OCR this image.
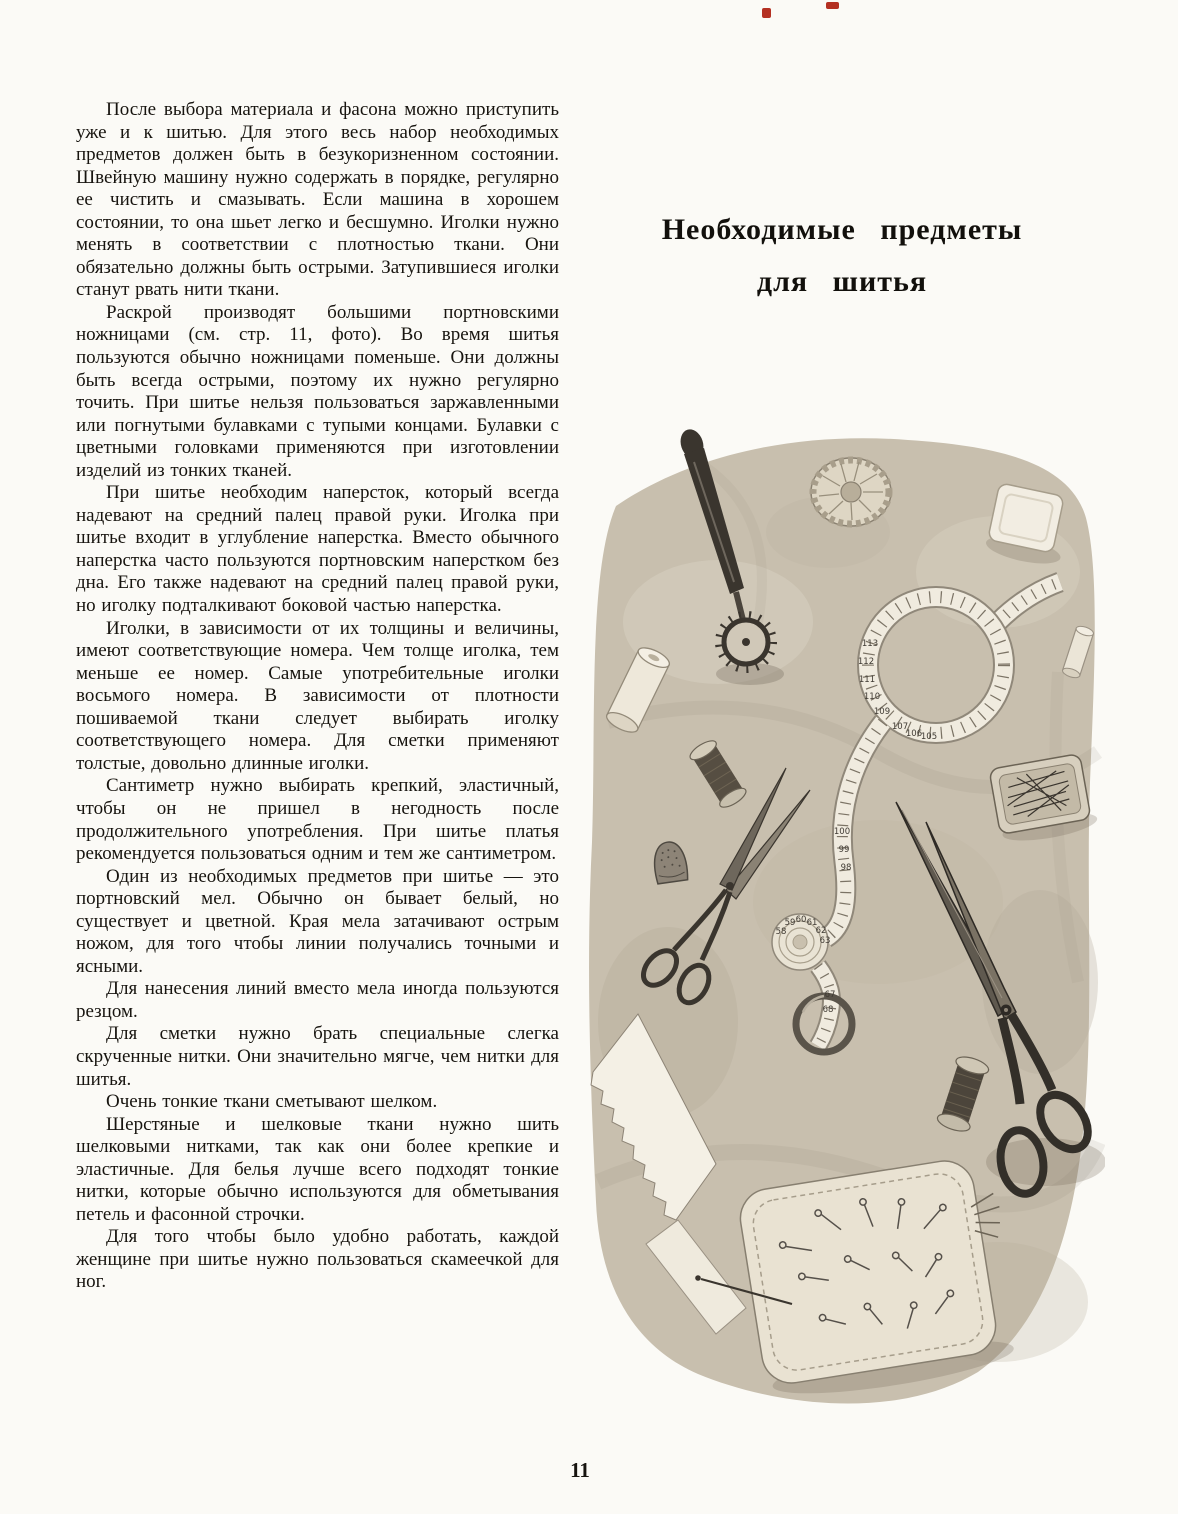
После выбора материала и фасона можно приступить уже и к шитью. Для этого весь набор необходимых предметов должен быть в безукоризненном состоянии. Швейную машину нужно содержать в порядке, регулярно ее чистить и смазывать. Если машина в хорошем состоянии, то она шьет легко и бесшумно. Иголки нужно менять в соответствии с плотностью ткани. Они обязательно должны быть острыми. Затупившиеся иголки станут рвать нити ткани.

Раскрой производят большими портновскими ножницами (см. стр. 11, фото). Во время шитья пользуются обычно ножницами поменьше. Они должны быть всегда острыми, поэтому их нужно регулярно точить. При шитье нельзя пользоваться заржавленными или погнутыми булавками с тупыми концами. Булавки с цветными головками применяются при изготовлении изделий из тонких тканей.

При шитье необходим наперсток, который всегда надевают на средний палец правой руки. Иголка при шитье входит в углубление наперстка. Вместо обычного наперстка часто пользуются портновским наперстком без дна. Его также надевают на средний палец правой руки, но иголку подталкивают боковой частью наперстка.

Иголки, в зависимости от их толщины и величины, имеют соответствующие номера. Чем толще иголка, тем меньше ее номер. Самые употребительные иголки восьмого номера. В зависимости от плотности пошиваемой ткани следует выбирать иголку соответствующего номера. Для сметки применяют толстые, довольно длинные иголки.

Сантиметр нужно выбирать крепкий, эластичный, чтобы он не пришел в негодность после продолжительного употребления. При шитье платья рекомендуется пользоваться одним и тем же сантиметром.

Один из необходимых предметов при шитье — это портновский мел. Обычно он бывает белый, но существует и цветной. Края мела затачивают острым ножом, для того чтобы линии получались точными и ясными.

Для нанесения линий вместо мела иногда пользуются резцом.

Для сметки нужно брать специальные слегка скрученные нитки. Они значительно мягче, чем нитки для шитья.

Очень тонкие ткани сметывают шелком.

Шерстяные и шелковые ткани нужно шить шелковыми нитками, так как они более крепкие и эластичные. Для белья лучше всего подходят тонкие нитки, которые обычно используются для обметывания петель и фасонной строчки.

Для того чтобы было удобно работать, каждой женщине при шитье нужно пользоваться скамеечкой для ног.

Необходимые предметы
для шитья
113
112
111
110
109
107
106
105
100
99
98
58
59 60 61
62
63
67
68
11
